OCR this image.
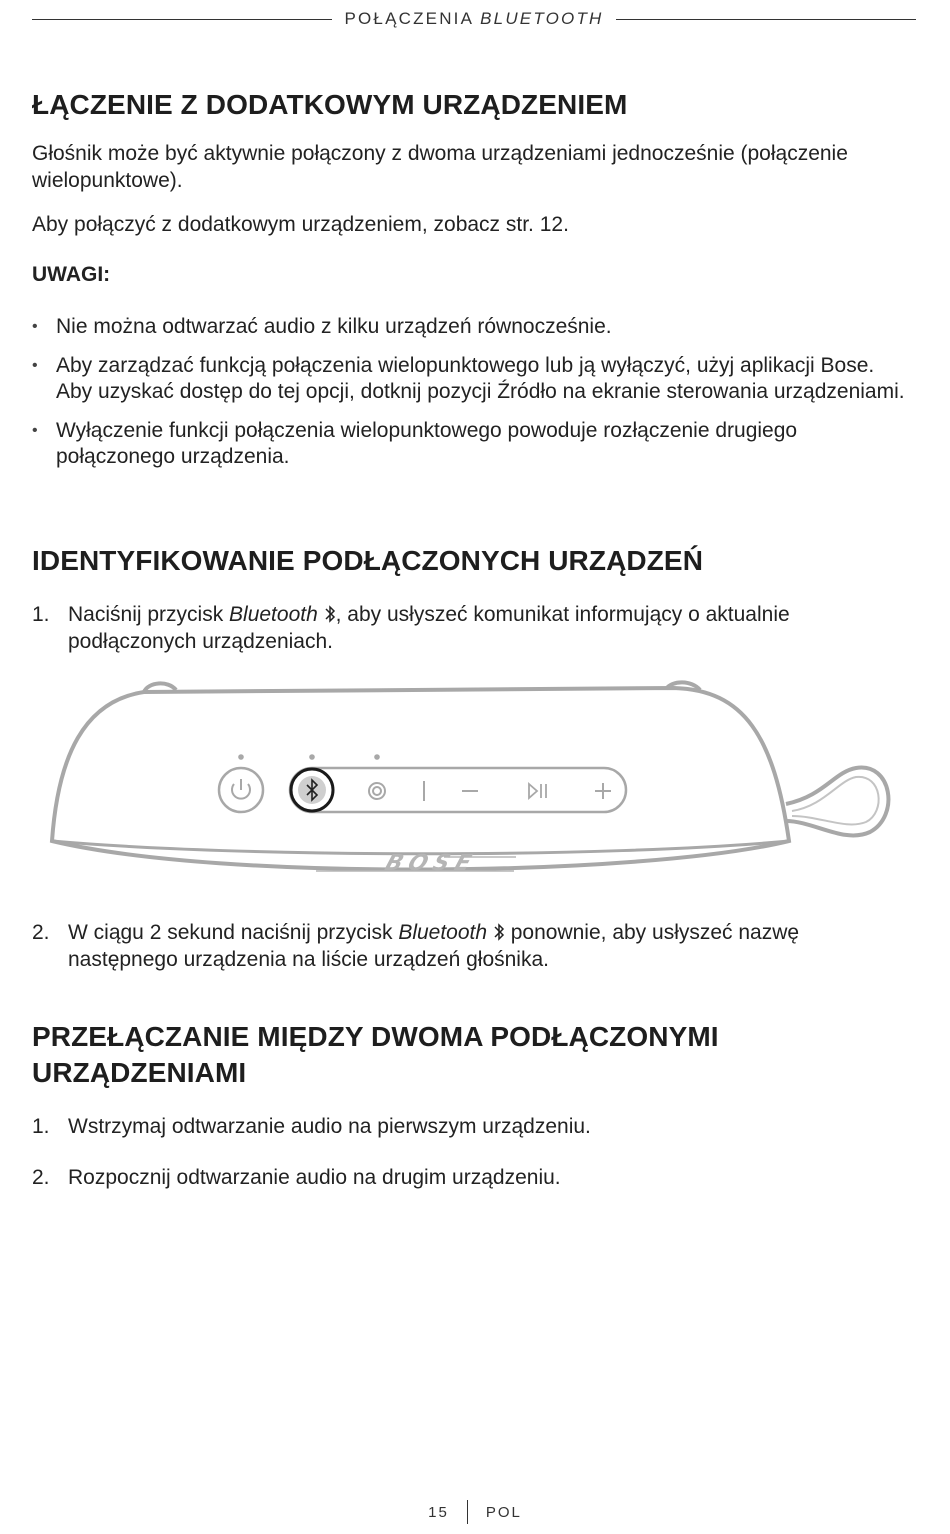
POŁĄCZENIA BLUETOOTH
ŁĄCZENIE Z DODATKOWYM URZĄDZENIEM

Głośnik może być aktywnie połączony z dwoma urządzeniami jednocześnie (połączenie wielopunktowe).

Aby połączyć z dodatkowym urządzeniem, zobacz str. 12.

UWAGI:

• Nie można odtwarzać audio z kilku urządzeń równocześnie.
• Aby zarządzać funkcją połączenia wielopunktowego lub ją wyłączyć, użyj aplikacji Bose. Aby uzyskać dostęp do tej opcji, dotknij pozycji Źródło na ekranie sterowania urządzeniami.
• Wyłączenie funkcji połączenia wielopunktowego powoduje rozłączenie drugiego połączonego urządzenia.
IDENTYFIKOWANIE PODŁĄCZONYCH URZĄDZEŃ
1. Naciśnij przycisk Bluetooth , aby usłyszeć komunikat informujący o aktualnie podłączonych urządzeniach.
BOSE
2. W ciągu 2 sekund naciśnij przycisk Bluetooth  ponownie, aby usłyszeć nazwę następnego urządzenia na liście urządzeń głośnika.
PRZEŁĄCZANIE MIĘDZY DWOMA PODŁĄCZONYMI
URZĄDZENIAMI
1. Wstrzymaj odtwarzanie audio na pierwszym urządzeniu.
2. Rozpocznij odtwarzanie audio na drugim urządzeniu.
15 POL
